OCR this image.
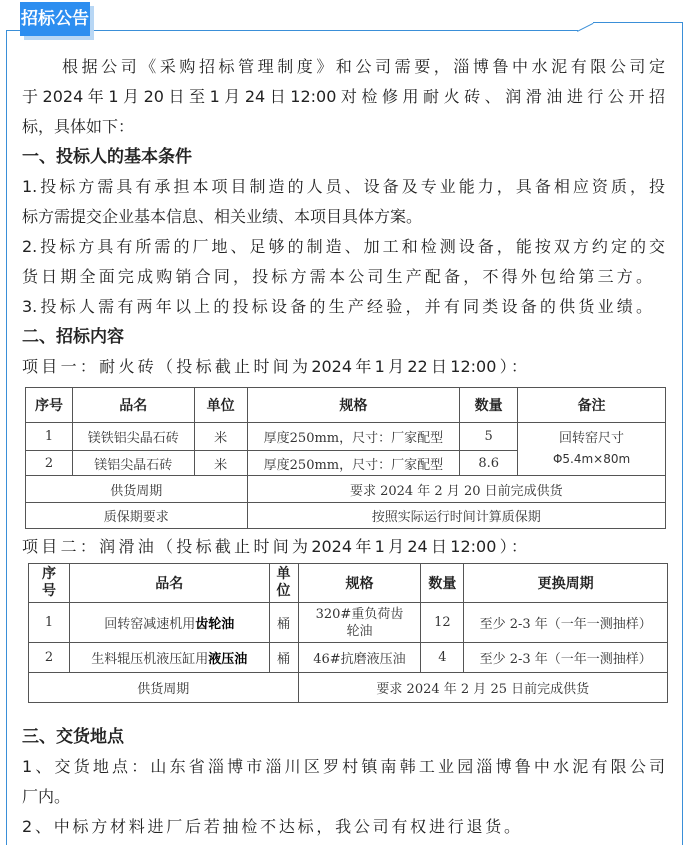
招标公告
根据公司《采购招标管理制度》和公司需要，淄博鲁中水泥有限公司定
于2024年1月20日至1月24日12:00对检修用耐火砖、润滑油进行公开招
标，具体如下：
一、投标人的基本条件
1.投标方需具有承担本项目制造的人员、设备及专业能力，具备相应资质，投
标方需提交企业基本信息、相关业绩、本项目具体方案。
2.投标方具有所需的厂地、足够的制造、加工和检测设备，能按双方约定的交
货日期全面完成购销合同，投标方需本公司生产配备，不得外包给第三方。
3.投标人需有两年以上的投标设备的生产经验，并有同类设备的供货业绩。
二、招标内容
项目一：耐火砖（投标截止时间为2024年1月22日12:00）：
序号	品名	单位	规格	数量	备注
1	镁铁铝尖晶石砖	米	厚度250mm，尺寸：厂家配型	5	回转窑尺寸
Φ5.4m×80m

2	镁铝尖晶石砖	米	厚度250mm，尺寸：厂家配型	8.6	
供货周期			要求 2024 年 2 月 20 日前完成供货		
质保期要求			按照实际运行时间计算质保期		
项目二：润滑油（投标截止时间为2024年1月24日12:00）：
序号	品名	单位	规格	数量	更换周期
1	回转窑减速机用齿轮油	桶	320#重负荷齿轮油	12	至少 2-3 年（一年一测抽样）
2	生料辊压机液压缸用液压油	桶	46#抗磨液压油	4	至少 2-3 年（一年一测抽样）
供货周期			要求 2024 年 2 月 25 日前完成供货		
三、交货地点
1、交货地点：山东省淄博市淄川区罗村镇南韩工业园淄博鲁中水泥有限公司
厂内。
2、中标方材料进厂后若抽检不达标，我公司有权进行退货。
